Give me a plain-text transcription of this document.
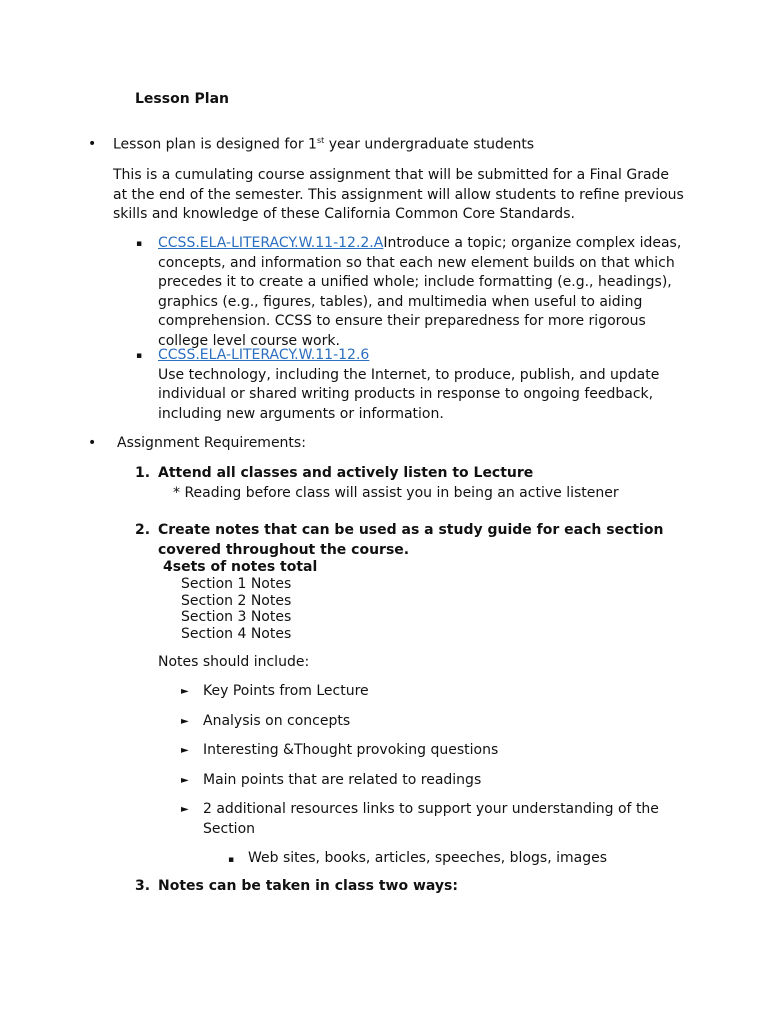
Lesson Plan
• Lesson plan is designed for 1st year undergraduate students
This is a cumulating course assignment that will be submitted for a Final Grade
at the end of the semester. This assignment will allow students to refine previous
skills and knowledge of these California Common Core Standards.
▪ CCSS.ELA-LITERACY.W.11-12.2.AIntroduce a topic; organize complex ideas,
concepts, and information so that each new element builds on that which
precedes it to create a unified whole; include formatting (e.g., headings),
graphics (e.g., figures, tables), and multimedia when useful to aiding
comprehension. CCSS to ensure their preparedness for more rigorous
college level course work.
▪ CCSS.ELA-LITERACY.W.11-12.6
Use technology, including the Internet, to produce, publish, and update
individual or shared writing products in response to ongoing feedback,
including new arguments or information.
• Assignment Requirements:
1. Attend all classes and actively listen to Lecture
* Reading before class will assist you in being an active listener
2. Create notes that can be used as a study guide for each section
covered throughout the course.
4sets of notes total
Section 1 Notes
Section 2 Notes
Section 3 Notes
Section 4 Notes
Notes should include:
► Key Points from Lecture
► Analysis on concepts
► Interesting &Thought provoking questions
► Main points that are related to readings
► 2 additional resources links to support your understanding of the
Section
▪ Web sites, books, articles, speeches, blogs, images
3. Notes can be taken in class two ways:
